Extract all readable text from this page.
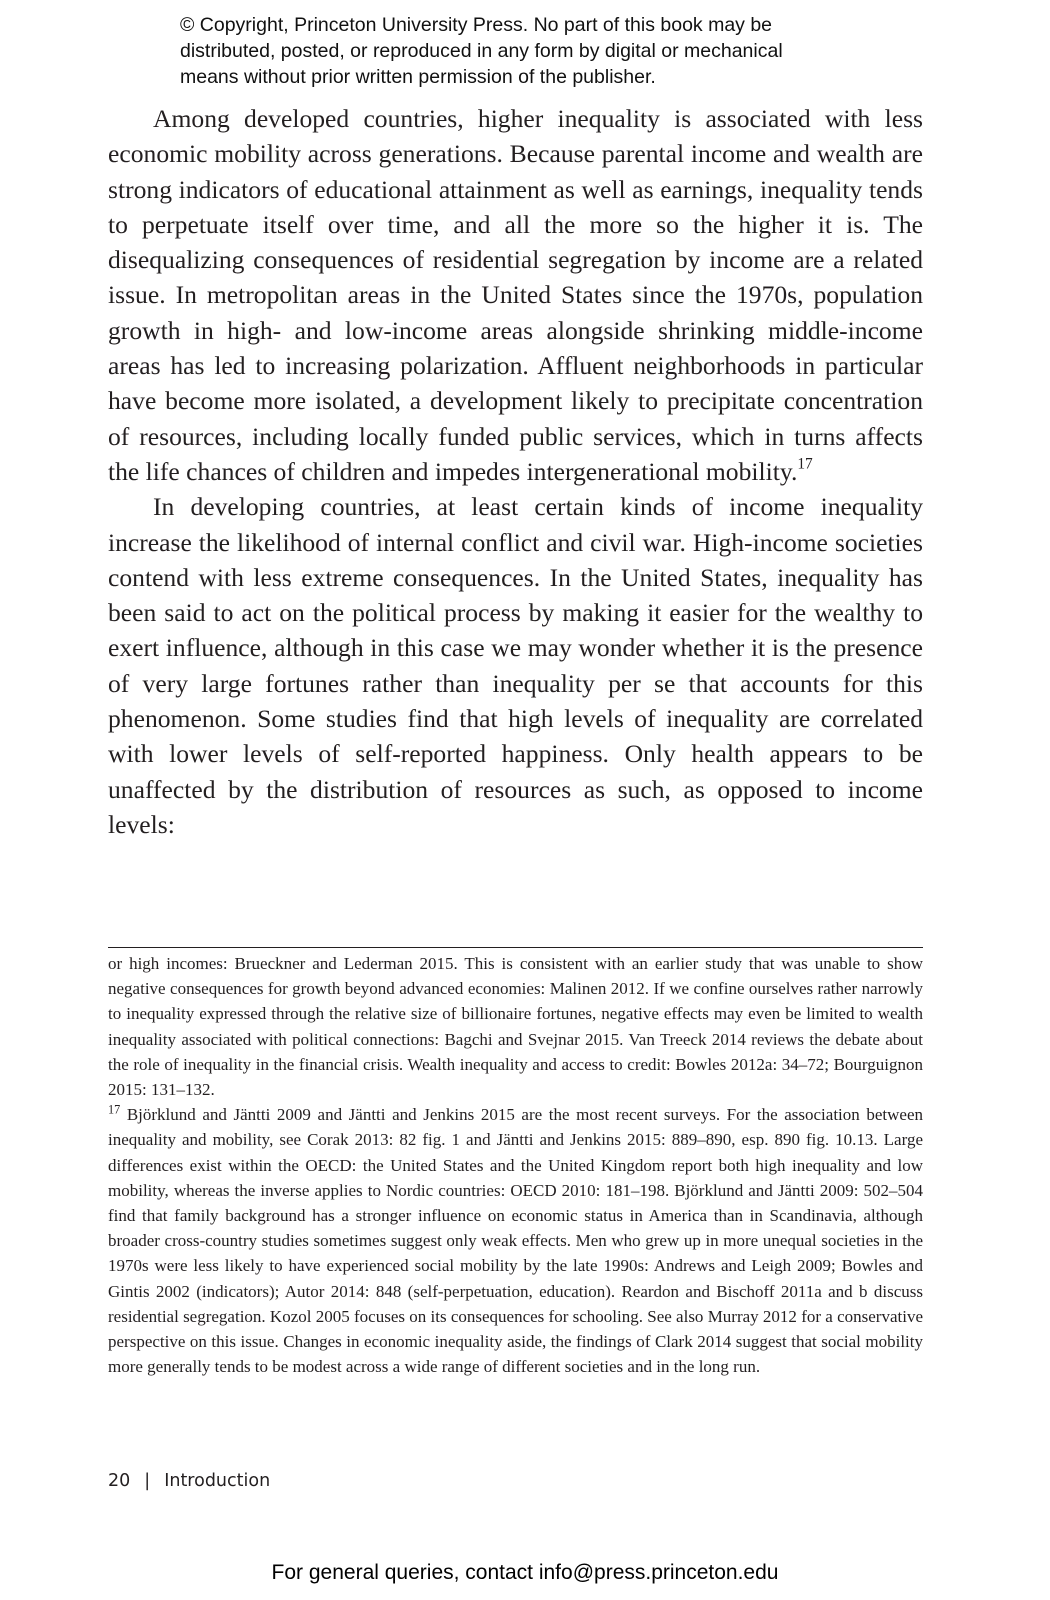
© Copyright, Princeton University Press. No part of this book may be
distributed, posted, or reproduced in any form by digital or mechanical
means without prior written permission of the publisher.

Among developed countries, higher inequality is associated with less economic mobility across generations. Because parental income and wealth are strong indicators of educational attainment as well as earnings, inequality tends to perpetuate itself over time, and all the more so the higher it is. The disequalizing consequences of residential segregation by income are a related issue. In metropolitan areas in the United States since the 1970s, population growth in high- and low-income areas alongside shrinking middle-income areas has led to increasing polarization. Affluent neighborhoods in particular have become more isolated, a development likely to precipitate concentration of resources, including locally funded public services, which in turns affects the life chances of children and impedes intergenerational mobility.$^{17}$

In developing countries, at least certain kinds of income inequality increase the likelihood of internal conflict and civil war. High-income societies contend with less extreme consequences. In the United States, inequality has been said to act on the political process by making it easier for the wealthy to exert influence, although in this case we may wonder whether it is the presence of very large fortunes rather than inequality per se that accounts for this phenomenon. Some studies find that high levels of inequality are correlated with lower levels of self-reported happiness. Only health appears to be unaffected by the distribution of resources as such, as opposed to income levels:

or high incomes: Brueckner and Lederman 2015. This is consistent with an earlier study that was unable to show negative consequences for growth beyond advanced economies: Malinen 2012. If we confine ourselves rather narrowly to inequality expressed through the relative size of billionaire fortunes, negative effects may even be limited to wealth inequality associated with political connections: Bagchi and Svejnar 2015. Van Treeck 2014 reviews the debate about the role of inequality in the financial crisis. Wealth inequality and access to credit: Bowles 2012a: 34–72; Bourguignon 2015: 131–132.

$^{17}$ Björklund and Jäntti 2009 and Jäntti and Jenkins 2015 are the most recent surveys. For the association between inequality and mobility, see Corak 2013: 82 fig. 1 and Jäntti and Jenkins 2015: 889–890, esp. 890 fig. 10.13. Large differences exist within the OECD: the United States and the United Kingdom report both high inequality and low mobility, whereas the inverse applies to Nordic countries: OECD 2010: 181–198. Björklund and Jäntti 2009: 502–504 find that family background has a stronger influence on economic status in America than in Scandinavia, although broader cross-country studies sometimes suggest only weak effects. Men who grew up in more unequal societies in the 1970s were less likely to have experienced social mobility by the late 1990s: Andrews and Leigh 2009; Bowles and Gintis 2002 (indicators); Autor 2014: 848 (self-perpetuation, education). Reardon and Bischoff 2011a and b discuss residential segregation. Kozol 2005 focuses on its consequences for schooling. See also Murray 2012 for a conservative perspective on this issue. Changes in economic inequality aside, the findings of Clark 2014 suggest that social mobility more generally tends to be modest across a wide range of different societies and in the long run.

20 | Introduction
For general queries, contact info@press.princeton.edu
